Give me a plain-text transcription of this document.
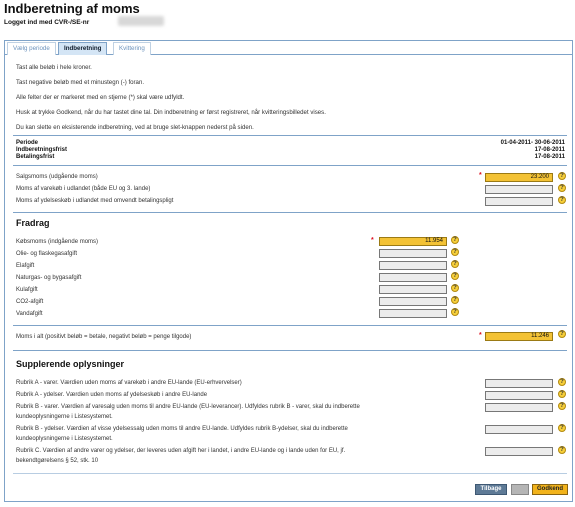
Indberetning af moms
Logget ind med CVR-/SE-nr
Vælg periode	Indberetning	Kvittering
Tast alle beløb i hele kroner.
Tast negative beløb med et minustegn (-) foran.
Alle felter der er markeret med en stjerne (*) skal være udfyldt.
Husk at trykke Godkend, når du har tastet dine tal. Din indberetning er først registreret, når kvitteringsbilledet vises.
Du kan slette en eksisterende indberetning, ved at bruge slet-knappen nederst på siden.
Periode	01-04-2011- 30-06-2011
Indberetningsfrist	17-08-2011
Betalingsfrist	17-08-2011
Salgsmoms (udgående moms)	*	23.200	?
Moms af varekøb i udlandet (både EU og 3. lande)	?
Moms af ydelseskøb i udlandet med omvendt betalingspligt	?
Fradrag
Købsmoms (indgående moms)	*	11.954	?
Olie- og flaskegasafgift	?
Elafgift	?
Naturgas- og bygasafgift	?
Kulafgift	?
CO2-afgift	?
Vandafgift	?
Moms i alt (positivt beløb = betale, negativt beløb = penge tilgode)	*	11.246	?
Supplerende oplysninger
Rubrik A - varer. Værdien uden moms af varekøb i andre EU-lande (EU-erhvervelser)	?
Rubrik A - ydelser. Værdien uden moms af ydelseskøb i andre EU-lande	?
Rubrik B - varer. Værdien af varesalg uden moms til andre EU-lande (EU-leverancer). Udfyldes rubrik B - varer, skal du indberette
kundeoplysningerne i Listesystemet.
?
Rubrik B - ydelser. Værdien af visse ydelsessalg uden moms til andre EU-lande. Udfyldes rubrik B-ydelser, skal du indberette
kundeoplysningerne i Listesystemet.
?
Rubrik C. Værdien af andre varer og ydelser, der leveres uden afgift her i landet, i andre EU-lande og i lande uden for EU, jf.
bekendtgørelsens § 52, stk. 10
?
Tilbage	Godkend
